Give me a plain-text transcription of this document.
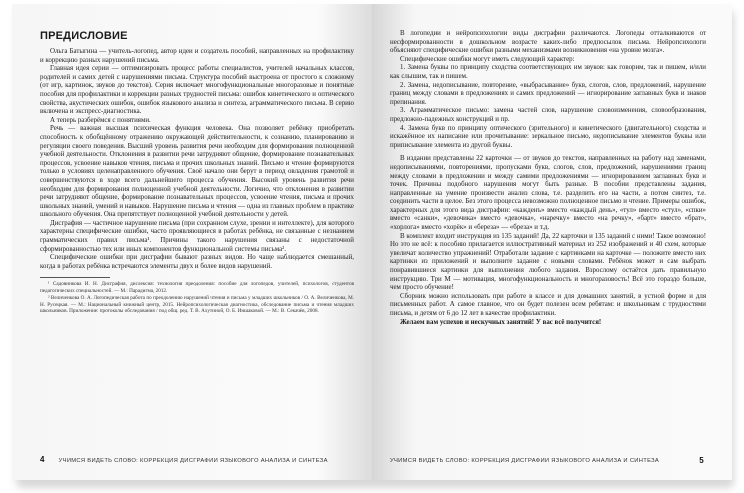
ПРЕДИСЛОВИЕ

Ольга Батыгина — учитель-логопед, автор идеи и создатель пособий, направленных на профилактику и коррекцию разных нарушений письма.

Главная идея серии — оптимизировать процесс работы специалистов, учителей начальных классов, родителей и самих детей с нарушениями письма. Структура пособий выстроена от простого к сложному (от игр, картинок, звуков до текстов). Серия включает многофункциональные многоразовые и понятные пособия для профилактики и коррекции разных трудностей письма: ошибок кинетического и оптического свойства, акустических ошибок, ошибок языкового анализа и синтеза, аграмматического письма. В серию включена и экспресс-диагностика.

А теперь разберёмся с понятиями.

Речь — важная высшая психическая функция человека. Она позволяет ребёнку приобретать способность к обобщённому отражению окружающей действительности, к сознанию, планированию и регуляции своего поведения. Высший уровень развития речи необходим для формирования полноценной учебной деятельности. Отклонения в развитии речи затрудняют общение, формирование познавательных процессов, усвоение навыков чтения, письма и прочих школьных знаний. Письмо и чтение формируются только в условиях целенаправленного обучения. Своё начало они берут в период овладения грамотой и совершенствуются в ходе всего дальнейшего процесса обучения. Высокий уровень развития речи необходим для формирования полноценной учебной деятельности. Логично, что отклонения в развитии речи затрудняют общение, формирование познавательных процессов, усвоение чтения, письма и прочих школьных знаний, умений и навыков. Нарушение письма и чтения — одна из главных проблем в практике школьного обучения. Она препятствует полноценной учебной деятельности у детей.

Дисграфия — частичное нарушение письма (при сохранном слухе, зрении и интеллекте), для которого характерны специфические ошибки, часто проявляющиеся в работах ребёнка, не связанные с незнанием грамматических правил письма¹. Причины такого нарушения связаны с недостаточной сформированностью тех или иных компонентов функциональной системы письма².

Специфические ошибки при дисграфии бывают разных видов. Но чаще наблюдается смешанный, когда в работах ребёнка встречаются элементы двух и более видов нарушений.

¹ Садовникова И. Н. Дисграфия, дислексия: технология преодоления: пособие для логопедов, учителей, психологов, студентов педагогических специальностей. — М.: Парадигма, 2012.

² Величенкова О. А. Логопедическая работа по преодолению нарушений чтения и письма у младших школьников / О. А. Величенкова, М. Н. Русецкая. — М.: Национальный книжный центр, 2015. Нейропсихологическая диагностика, обследование письма и чтения младших школьников. Приложение: протоколы обследования / под общ. ред. Т. В. Ахутиной, О. Б. Иншаковой. — М.: В. Секачёв, 2008.

4 УЧИМСЯ ВИДЕТЬ СЛОВО: КОРРЕКЦИЯ ДИСГРАФИИ ЯЗЫКОВОГО АНАЛИЗА И СИНТЕЗА

В логопедии и нейропсихологии виды дисграфии различаются. Логопеды отталкиваются от несформированности в дошкольном возрасте каких-либо предпосылок письма. Нейропсихологи объясняют специфические ошибки разными механизмами возникновения «на уровне мозга».

Специфические ошибки могут иметь следующий характер:

1. Замена буквы по принципу сходства соответствующих им звуков: как говорим, так и пишем, и/или как слышим, так и пишем.

2. Замена, недописывание, повторение, «выбрасывание» букв, слогов, слов, предложений, нарушение границ между словами в предложениях и самих предложений — игнорирование заглавных букв и знаков препинания.

3. Аграмматическое письмо: замена частей слов, нарушение словоизменения, словообразования, предложно-падежных конструкций и пр.

4. Замена букв по принципу оптического (зрительного) и кинетического (двигательного) сходства и искажённое их написание или прочитывание: зеркальное письмо, недописывание элементов буквы или приписывание элемента из другой буквы.

В издании представлены 22 карточки — от звуков до текстов, направленных на работу над заменами, недописываниями, повторениями, пропусками букв, слогов, слов, предложений, нарушениями границ между словами в предложении и между самими предложениями — игнорированием заглавных букв и точек. Причины подобного нарушения могут быть разные. В пособии представлены задания, направленные на умение произвести анализ слова, т.е. разделить его на части, а потом синтез, т.е. соединить части в целое. Без этого процесса невозможно полноценное письмо и чтение. Примеры ошибок, характерных для этого вида дисграфии: «кажденъ» вместо «каждый день», «тул» вместо «стул», «спки» вместо «санки», «девочика» вместо «девочка», «наречку» вместо «на речку», «барт» вместо «брат», «хорлога» вместо «хорёк» и «береза» — «бреза» и т.д.

В комплект входит инструкция из 135 заданий! Да, 22 карточки и 135 заданий с ними! Такое возможно! Но это не всё: к пособию прилагается иллюстративный материал из 252 изображений и 40 схем, которые увеличат количество упражнений! Отработали задание с картинками на карточке — положите вместо них картинки из приложений и выполните задание с новыми словами. Ребёнок может и сам выбрать понравившиеся картинки для выполнения любого задания. Взрослому остаётся дать правильную инструкцию. Три М — мотивация, многофункциональность и многоразовость! Всё это гораздо больше, чем просто обучение!

Сборник можно использовать при работе в классе и для домашних занятий, в устной форме и для письменных работ. А самое главное, что он будет полезен всем ребятам: и школьникам с трудностями письма, и детям от 6 до 12 лет в качестве профилактики.

Желаем вам успехов и нескучных занятий! У вас всё получится!

УЧИМСЯ ВИДЕТЬ СЛОВО: КОРРЕКЦИЯ ДИСГРАФИИ ЯЗЫКОВОГО АНАЛИЗА И СИНТЕЗА	5
